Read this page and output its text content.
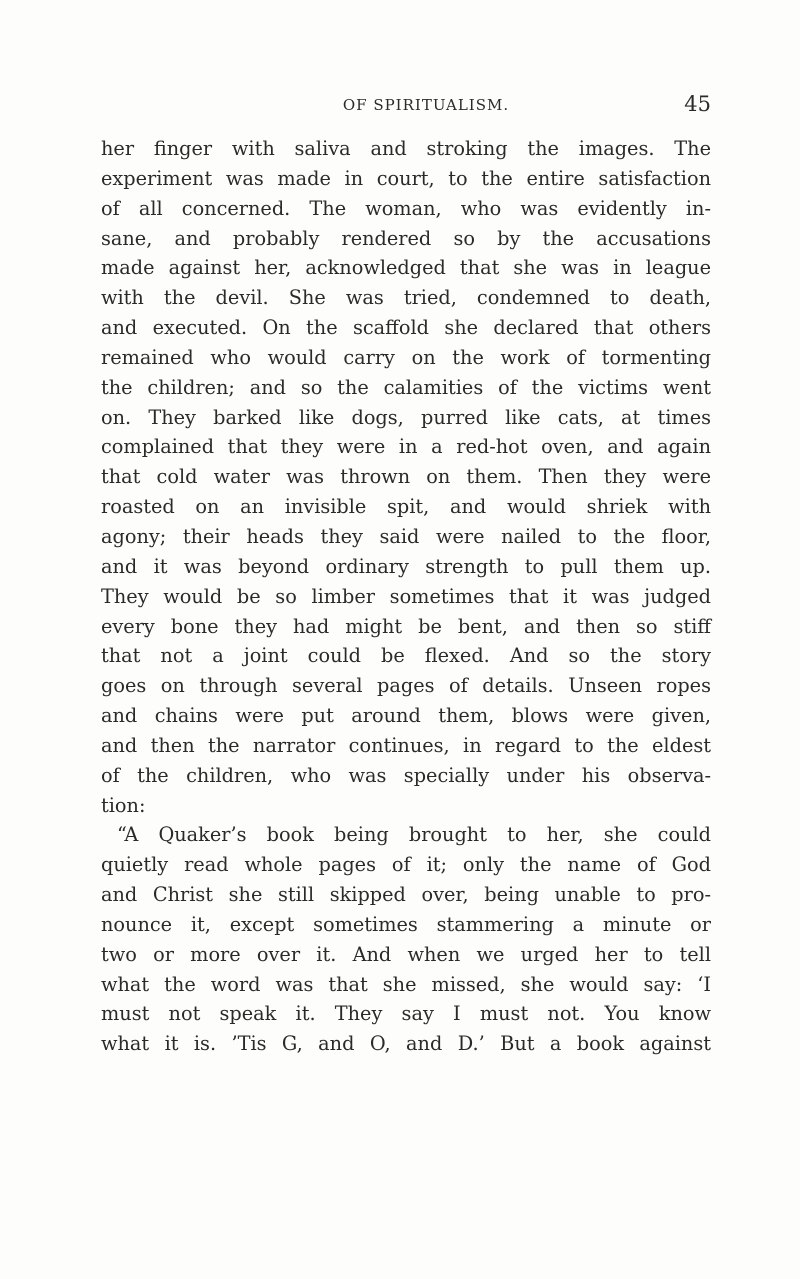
OF SPIRITUALISM.	45
her finger with saliva and stroking the images. The
experiment was made in court, to the entire satisfaction
of all concerned. The woman, who was evidently in-
sane, and probably rendered so by the accusations
made against her, acknowledged that she was in league
with the devil. She was tried, condemned to death,
and executed. On the scaffold she declared that others
remained who would carry on the work of tormenting
the children; and so the calamities of the victims went
on. They barked like dogs, purred like cats, at times
complained that they were in a red-hot oven, and again
that cold water was thrown on them. Then they were
roasted on an invisible spit, and would shriek with
agony; their heads they said were nailed to the floor,
and it was beyond ordinary strength to pull them up.
They would be so limber sometimes that it was judged
every bone they had might be bent, and then so stiff
that not a joint could be flexed. And so the story
goes on through several pages of details. Unseen ropes
and chains were put around them, blows were given,
and then the narrator continues, in regard to the eldest
of the children, who was specially under his observa-
tion:
“A Quaker’s book being brought to her, she could
quietly read whole pages of it; only the name of God
and Christ she still skipped over, being unable to pro-
nounce it, except sometimes stammering a minute or
two or more over it. And when we urged her to tell
what the word was that she missed, she would say: ‘I
must not speak it. They say I must not. You know
what it is. ’Tis G, and O, and D.’ But a book against
